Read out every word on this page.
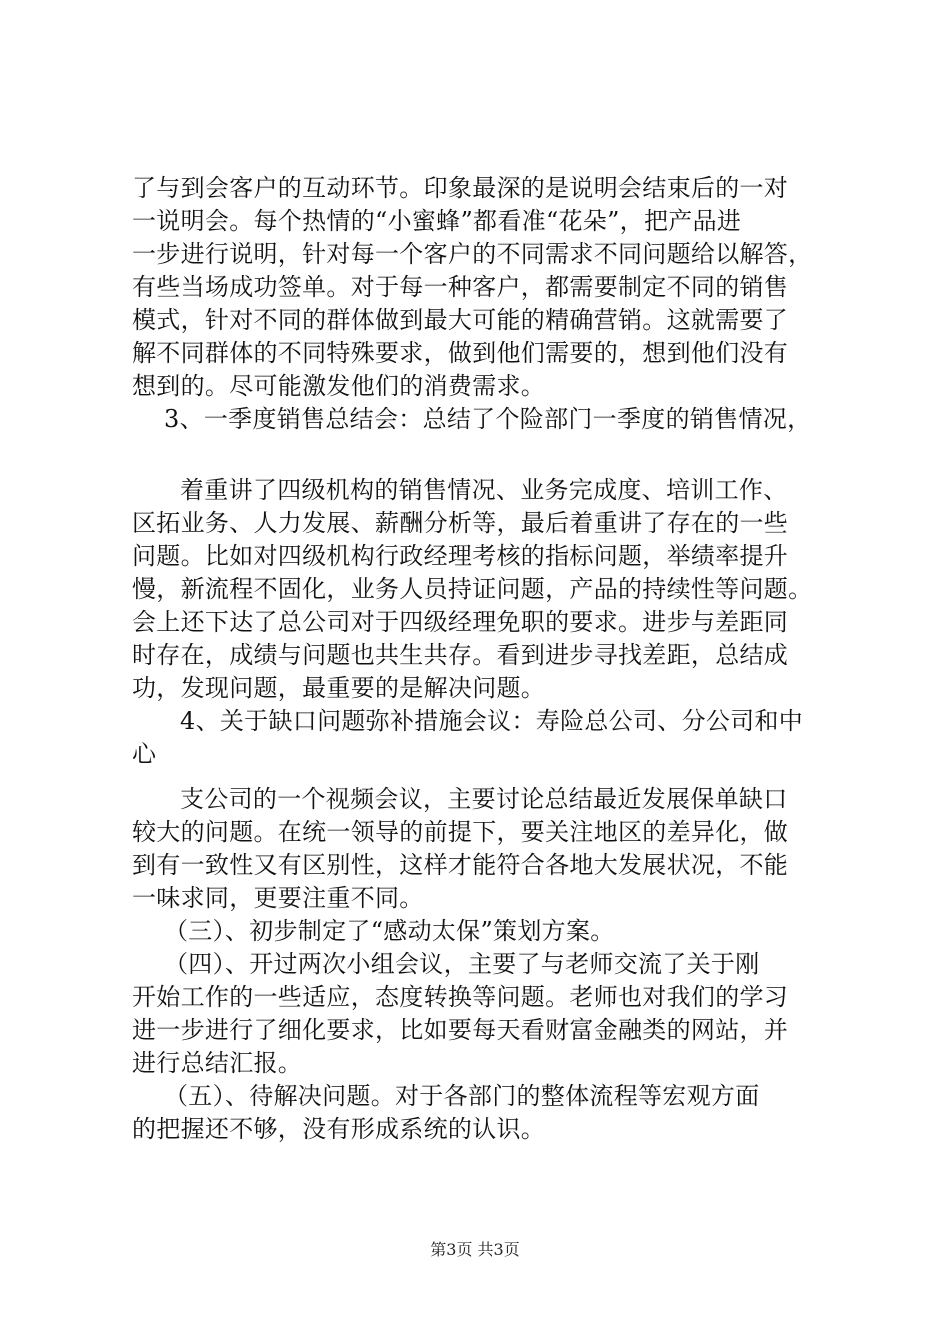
了与到会客户的互动环节。印象最深的是说明会结束后的一对
一说明会。每个热情的“小蜜蜂”都看准“花朵”，把产品进
一步进行说明，针对每一个客户的不同需求不同问题给以解答，
有些当场成功签单。对于每一种客户，都需要制定不同的销售
模式，针对不同的群体做到最大可能的精确营销。这就需要了
解不同群体的不同特殊要求，做到他们需要的，想到他们没有
想到的。尽可能激发他们的消费需求。
3、一季度销售总结会：总结了个险部门一季度的销售情况，
着重讲了四级机构的销售情况、业务完成度、培训工作、
区拓业务、人力发展、薪酬分析等，最后着重讲了存在的一些
问题。比如对四级机构行政经理考核的指标问题，举绩率提升
慢，新流程不固化，业务人员持证问题，产品的持续性等问题。
会上还下达了总公司对于四级经理免职的要求。进步与差距同
时存在，成绩与问题也共生共存。看到进步寻找差距，总结成
功，发现问题，最重要的是解决问题。
4、关于缺口问题弥补措施会议：寿险总公司、分公司和中
心
支公司的一个视频会议，主要讨论总结最近发展保单缺口
较大的问题。在统一领导的前提下，要关注地区的差异化，做
到有一致性又有区别性，这样才能符合各地大发展状况，不能
一味求同，更要注重不同。
（三）、初步制定了“感动太保”策划方案。
（四）、开过两次小组会议，主要了与老师交流了关于刚
开始工作的一些适应，态度转换等问题。老师也对我们的学习
进一步进行了细化要求，比如要每天看财富金融类的网站，并
进行总结汇报。
（五）、待解决问题。对于各部门的整体流程等宏观方面
的把握还不够，没有形成系统的认识。
第3页 共3页
